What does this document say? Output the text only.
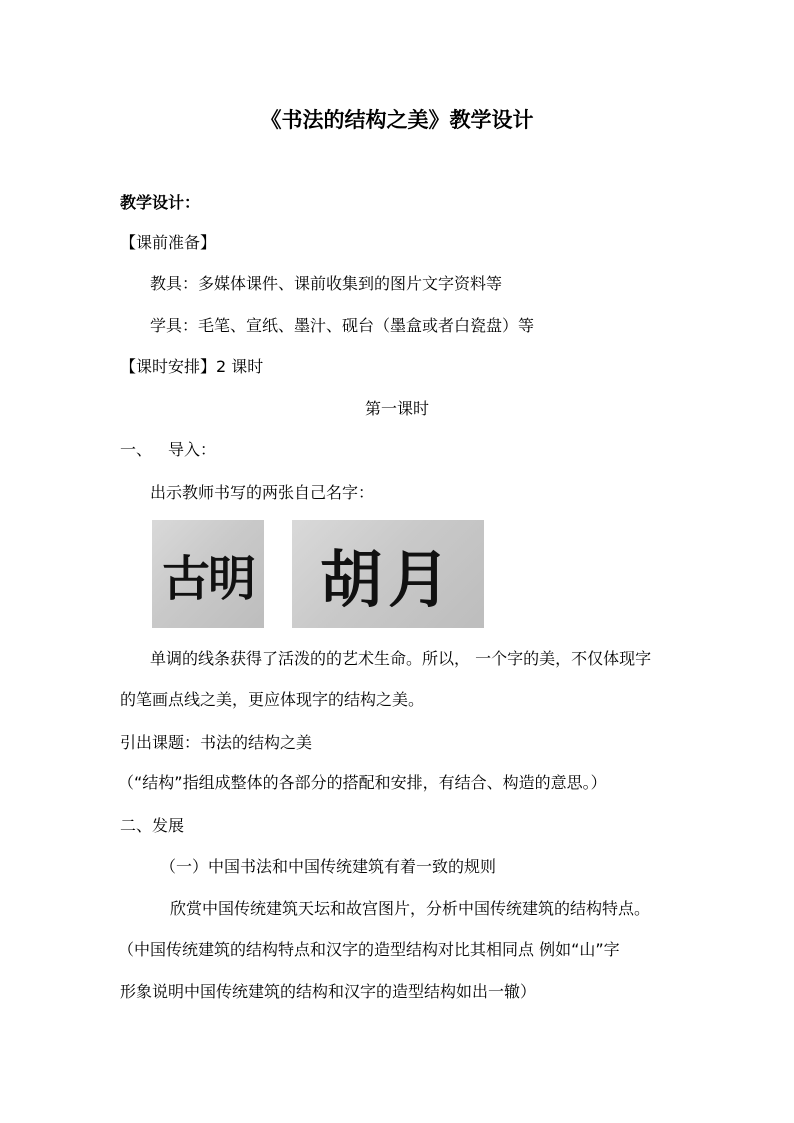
《书法的结构之美》教学设计
教学设计：
【课前准备】
教具：多媒体课件、课前收集到的图片文字资料等
学具：毛笔、宣纸、墨汁、砚台（墨盒或者白瓷盘）等
【课时安排】2 课时
第一课时
一、 导入：
出示教师书写的两张自己名字：
古明	胡月
单调的线条获得了活泼的的艺术生命。所以， 一个字的美，不仅体现字
的笔画点线之美，更应体现字的结构之美。
引出课题：书法的结构之美
（“结构”指组成整体的各部分的搭配和安排，有结合、构造的意思。）
二、发展
（一）中国书法和中国传统建筑有着一致的规则
欣赏中国传统建筑天坛和故宫图片，分析中国传统建筑的结构特点。
（中国传统建筑的结构特点和汉字的造型结构对比其相同点 例如“山”字
形象说明中国传统建筑的结构和汉字的造型结构如出一辙）
